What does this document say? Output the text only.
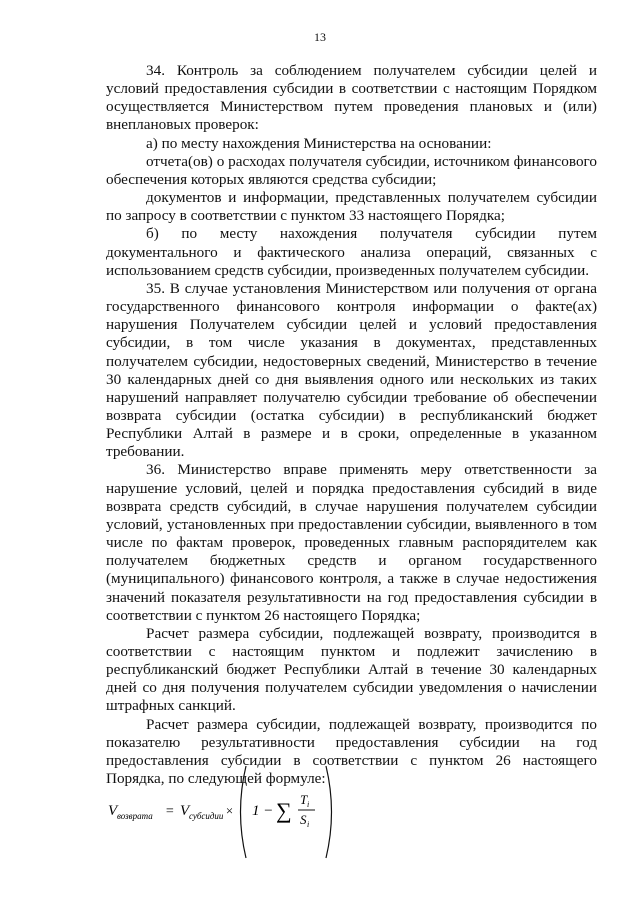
13

34. Контроль за соблюдением получателем субсидии целей и условий предоставления субсидии в соответствии с настоящим Порядком осуществляется Министерством путем проведения плановых и (или) внеплановых проверок:

а) по месту нахождения Министерства на основании:

отчета(ов) о расходах получателя субсидии, источником финансового обеспечения которых являются средства субсидии;

документов и информации, представленных получателем субсидии по запросу в соответствии с пунктом 33 настоящего Порядка;

б) по месту нахождения получателя субсидии путем документального и фактического анализа операций, связанных с использованием средств субсидии, произведенных получателем субсидии.

35. В случае установления Министерством или получения от органа государственного финансового контроля информации о факте(ах) нарушения Получателем субсидии целей и условий предоставления субсидии, в том числе указания в документах, представленных получателем субсидии, недостоверных сведений, Министерство в течение 30 календарных дней со дня выявления одного или нескольких из таких нарушений направляет получателю субсидии требование об обеспечении возврата субсидии (остатка субсидии) в республиканский бюджет Республики Алтай в размере и в сроки, определенные в указанном требовании.

36. Министерство вправе применять меру ответственности за нарушение условий, целей и порядка предоставления субсидий в виде возврата средств субсидий, в случае нарушения получателем субсидии условий, установленных при предоставлении субсидии, выявленного в том числе по фактам проверок, проведенных главным распорядителем как получателем бюджетных средств и органом государственного (муниципального) финансового контроля, а также в случае недостижения значений показателя результативности на год предоставления субсидии в соответствии с пунктом 26 настоящего Порядка;

Расчет размера субсидии, подлежащей возврату, производится в соответствии с настоящим пунктом и подлежит зачислению в республиканский бюджет Республики Алтай в течение 30 календарных дней со дня получения получателем субсидии уведомления о начислении штрафных санкций.

Расчет размера субсидии, подлежащей возврату, производится по показателю результативности предоставления субсидии на год предоставления субсидии в соответствии с пунктом 26 настоящего Порядка, по следующей формуле:

V возврата = V субсидии × 1 − ∑ T i
S i
